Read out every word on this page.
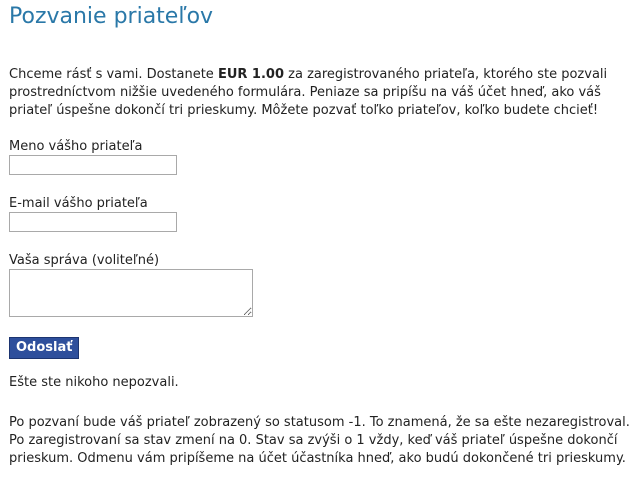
Pozvanie priateľov

Chceme rásť s vami. Dostanete EUR 1.00 za zaregistrovaného priateľa, ktorého ste pozvali prostredníctvom nižšie uvedeného formulára. Peniaze sa pripíšu na váš účet hneď, ako váš priateľ úspešne dokončí tri prieskumy. Môžete pozvať toľko priateľov, koľko budete chcieť!

Meno vášho priateľa
E-mail vášho priateľa
Vaša správa (voliteľné)
Odoslať
Ešte ste nikoho nepozvali.

Po pozvaní bude váš priateľ zobrazený so statusom -1. To znamená, že sa ešte nezaregistroval. Po zaregistrovaní sa stav zmení na 0. Stav sa zvýši o 1 vždy, keď váš priateľ úspešne dokončí prieskum. Odmenu vám pripíšeme na účet účastníka hneď, ako budú dokončené tri prieskumy.
